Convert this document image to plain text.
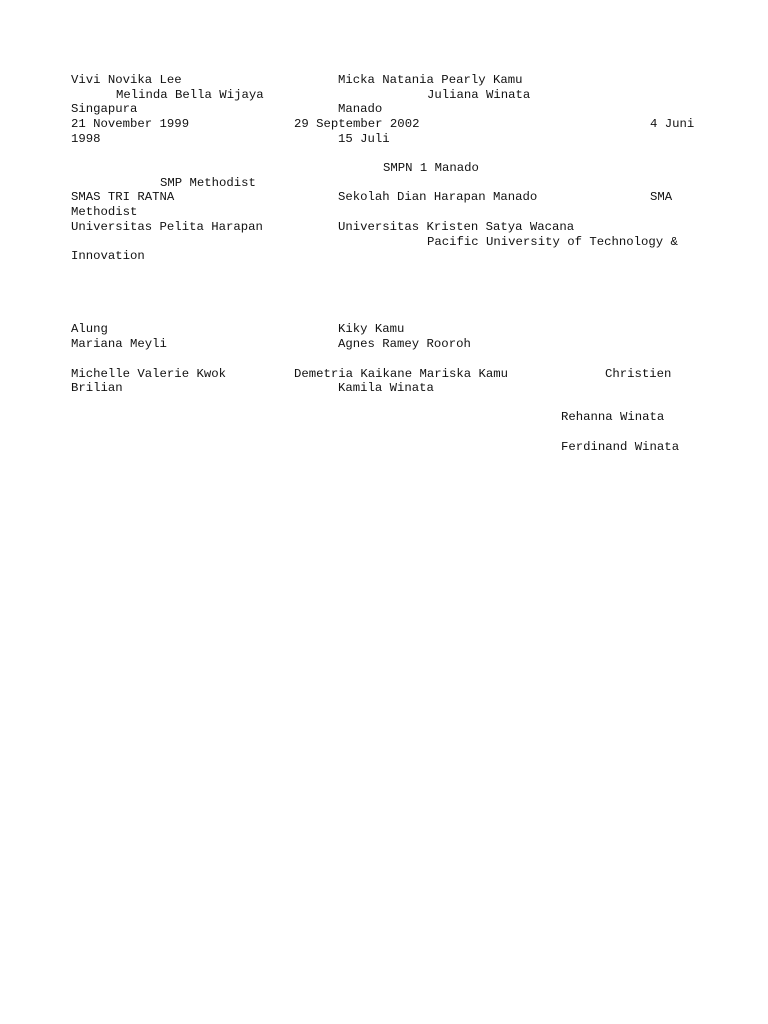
Vivi Novika Lee	Micka Natania Pearly Kamu

Melinda Bella Wijaya	Juliana Winata

Singapura	Manado

21 November 1999	29 September 2002	4 Juni

1998	15 Juli

SMPN 1 Manado

SMP Methodist

SMAS TRI RATNA	Sekolah Dian Harapan Manado	SMA

Methodist

Universitas Pelita Harapan	Universitas Kristen Satya Wacana

Pacific University of Technology &

Innovation

Alung	Kiky Kamu

Mariana Meyli	Agnes Ramey Rooroh

Michelle Valerie Kwok	Demetria Kaikane Mariska Kamu	Christien

Brilian	Kamila Winata

Rehanna Winata

Ferdinand Winata
